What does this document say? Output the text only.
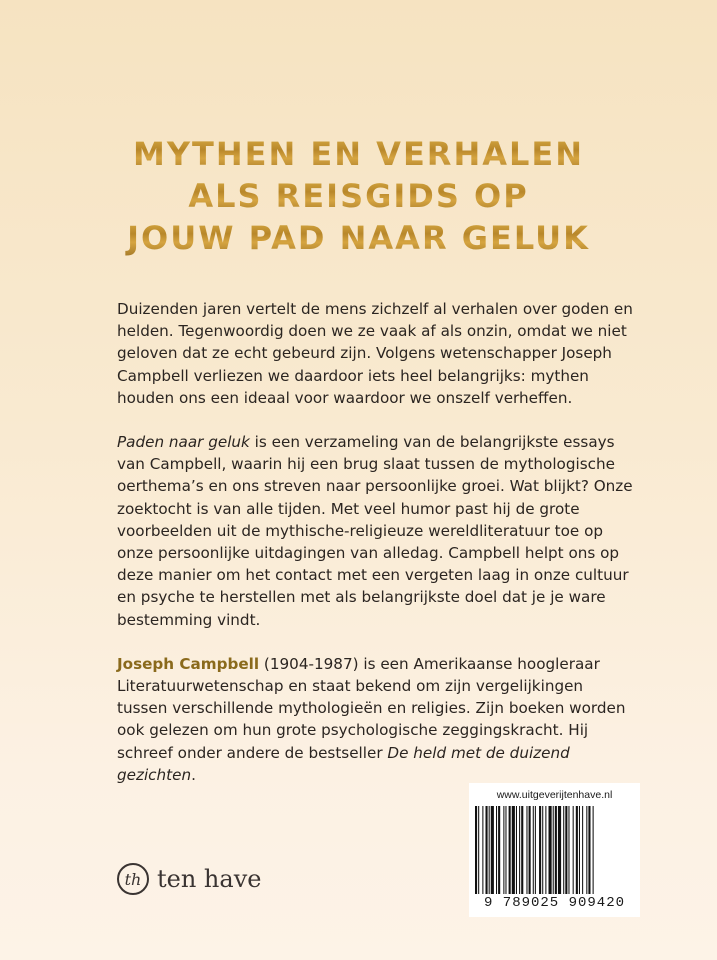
MYTHEN EN VERHALEN
ALS REISGIDS OP
JOUW PAD NAAR GELUK

Duizenden jaren vertelt de mens zichzelf al verhalen over goden en helden. Tegenwoordig doen we ze vaak af als onzin, omdat we niet geloven dat ze echt gebeurd zijn. Volgens wetenschapper Joseph Campbell verliezen we daardoor iets heel belangrijks: mythen houden ons een ideaal voor waardoor we onszelf verheffen.

Paden naar geluk is een verzameling van de belangrijkste essays van Campbell, waarin hij een brug slaat tussen de mythologische oerthema’s en ons streven naar persoonlijke groei. Wat blijkt? Onze zoektocht is van alle tijden. Met veel humor past hij de grote voorbeelden uit de mythische-religieuze wereldliteratuur toe op onze persoonlijke uitdagingen van alledag. Campbell helpt ons op deze manier om het contact met een vergeten laag in onze cultuur en psyche te herstellen met als belangrijkste doel dat je je ware bestemming vindt.

Joseph Campbell (1904-1987) is een Amerikaanse hoogleraar Literatuurwetenschap en staat bekend om zijn vergelijkingen tussen verschillende mythologieën en religies. Zijn boeken worden ook gelezen om hun grote psychologische zeggingskracht. Hij schreef onder andere de bestseller De held met de duizend gezichten.

th ten have
www.uitgeverijtenhave.nl
9 789025 909420
